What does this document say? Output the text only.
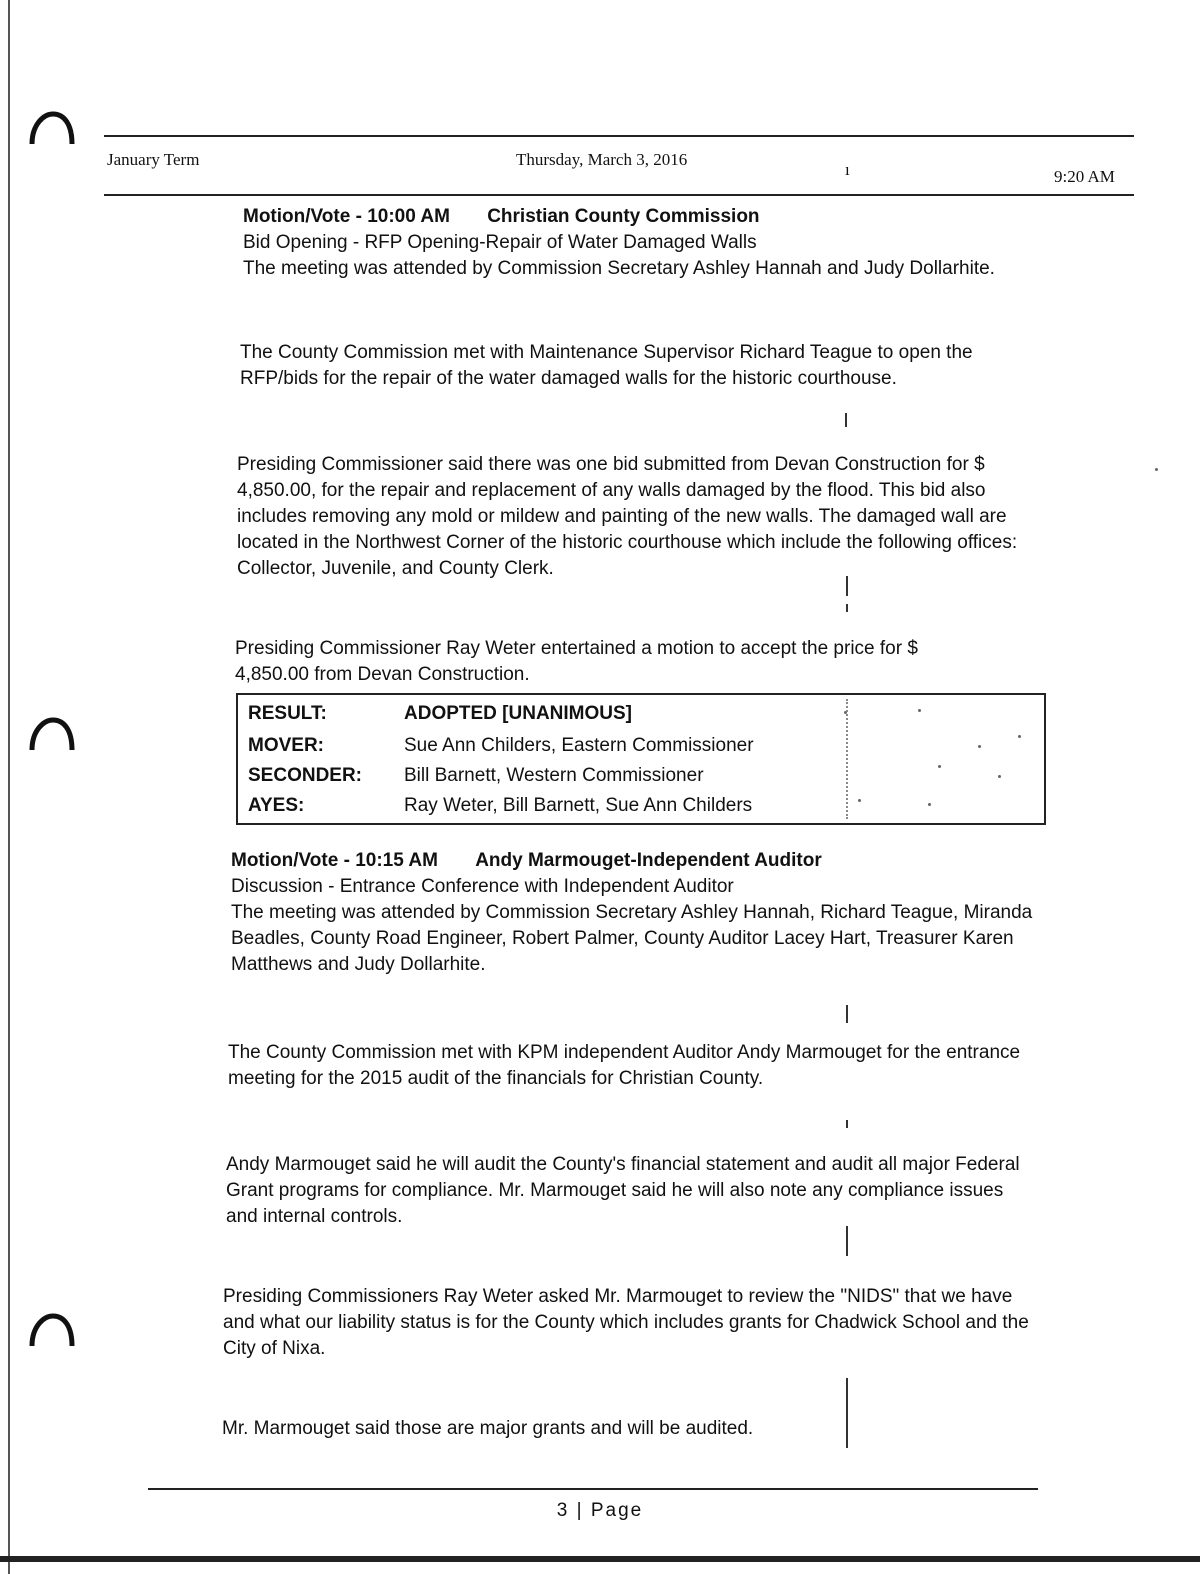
January Term	Thursday, March 3, 2016
ı	9:20 AM

Motion/Vote - 10:00 AM Christian County Commission

Bid Opening - RFP Opening-Repair of Water Damaged Walls

The meeting was attended by Commission Secretary Ashley Hannah and Judy Dollarhite.

The County Commission met with Maintenance Supervisor Richard Teague to open the RFP/bids for the repair of the water damaged walls for the historic courthouse.
Presiding Commissioner said there was one bid submitted from Devan Construction for $ 4,850.00, for the repair and replacement of any walls damaged by the flood. This bid also includes removing any mold or mildew and painting of the new walls. The damaged wall are located in the Northwest Corner of the historic courthouse which include the following offices: Collector, Juvenile, and County Clerk.
Presiding Commissioner Ray Weter entertained a motion to accept the price for $ 4,850.00 from Devan Construction.
RESULT:	ADOPTED [UNANIMOUS]
MOVER:	Sue Ann Childers, Eastern Commissioner
SECONDER: Bill Barnett, Western Commissioner
AYES:	Ray Weter, Bill Barnett, Sue Ann Childers

Motion/Vote - 10:15 AM Andy Marmouget-Independent Auditor

Discussion - Entrance Conference with Independent Auditor

The meeting was attended by Commission Secretary Ashley Hannah, Richard Teague, Miranda Beadles, County Road Engineer, Robert Palmer, County Auditor Lacey Hart, Treasurer Karen Matthews and Judy Dollarhite.

The County Commission met with KPM independent Auditor Andy Marmouget for the entrance meeting for the 2015 audit of the financials for Christian County.
Andy Marmouget said he will audit the County's financial statement and audit all major Federal Grant programs for compliance. Mr. Marmouget said he will also note any compliance issues and internal controls.
Presiding Commissioners Ray Weter asked Mr. Marmouget to review the "NIDS" that we have and what our liability status is for the County which includes grants for Chadwick School and the City of Nixa.
Mr. Marmouget said those are major grants and will be audited.
3 | Page
